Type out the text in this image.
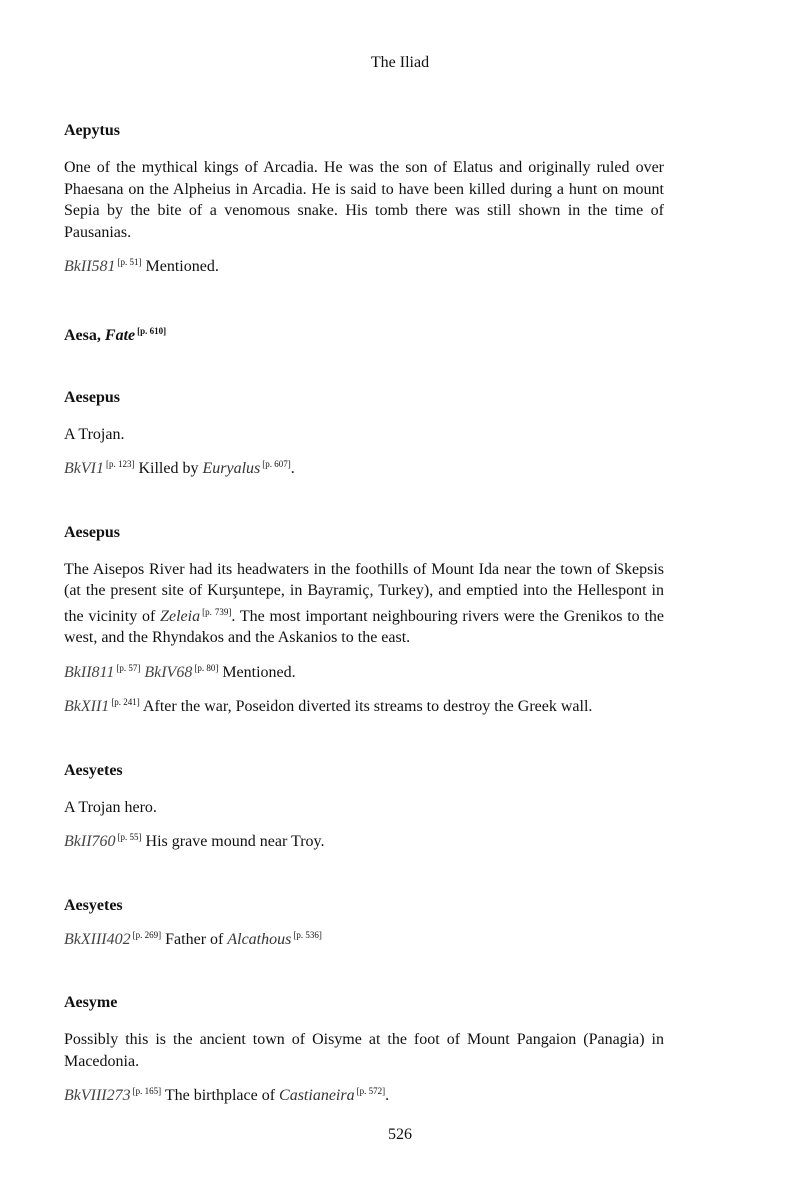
The Iliad

Aepytus

One of the mythical kings of Arcadia. He was the son of Elatus and originally ruled over Phaesana on the Alpheius in Arcadia. He is said to have been killed during a hunt on mount Sepia by the bite of a venomous snake. His tomb there was still shown in the time of Pausanias.

BkII581 [p. 51] Mentioned.

Aesa, Fate [p. 610]

Aesepus

A Trojan.

BkVI1 [p. 123] Killed by Euryalus [p. 607].

Aesepus

The Aisepos River had its headwaters in the foothills of Mount Ida near the town of Skepsis (at the present site of Kurşuntepe, in Bayramiç, Turkey), and emptied into the Hellespont in the vicinity of Zeleia [p. 739]. The most important neighbouring rivers were the Grenikos to the west, and the Rhyndakos and the Askanios to the east.

BkII811 [p. 57] BkIV68 [p. 80] Mentioned.

BkXII1 [p. 241] After the war, Poseidon diverted its streams to destroy the Greek wall.

Aesyetes

A Trojan hero.

BkII760 [p. 55] His grave mound near Troy.

Aesyetes

BkXIII402 [p. 269] Father of Alcathous [p. 536]

Aesyme

Possibly this is the ancient town of Oisyme at the foot of Mount Pangaion (Panagia) in Macedonia.

BkVIII273 [p. 165] The birthplace of Castianeira [p. 572].

526
